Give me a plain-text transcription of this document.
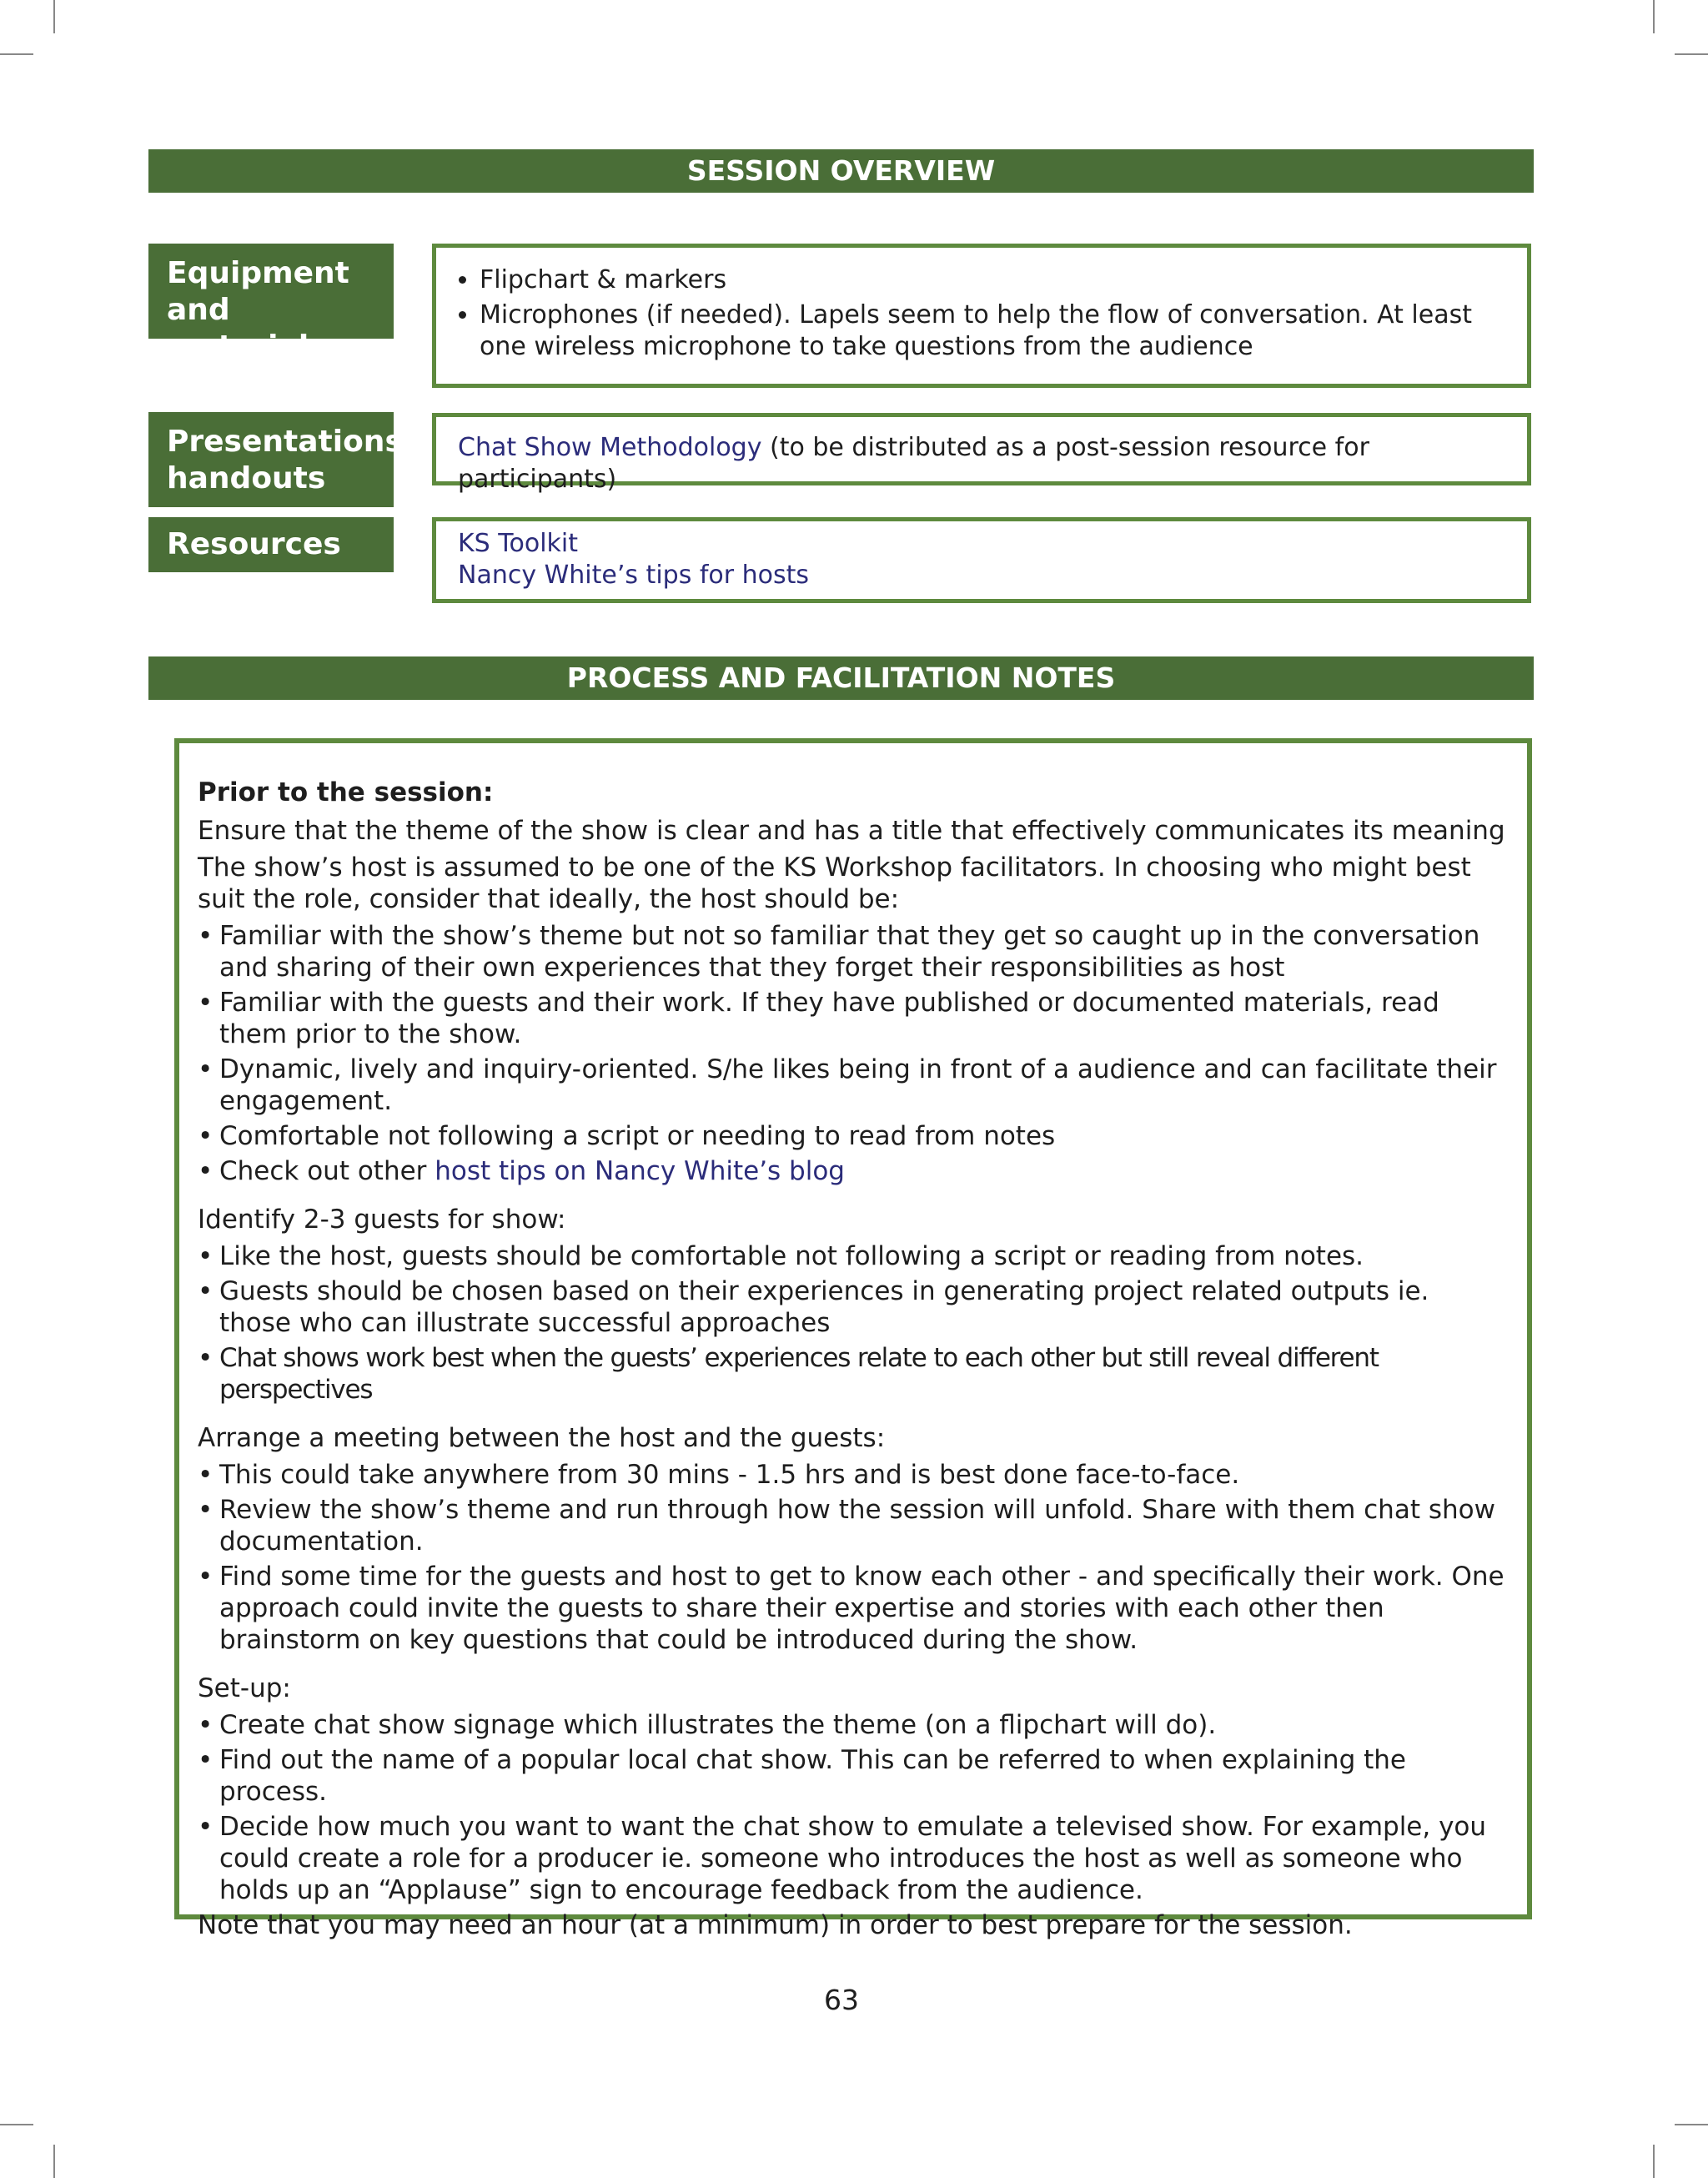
SESSION OVERVIEW
Equipment and materials
• Flipchart & markers
• Microphones (if needed). Lapels seem to help the flow of conversation. At least one wireless microphone to take questions from the audience
Presentations/ handouts
Chat Show Methodology (to be distributed as a post-session resource for participants)
Resources	KS Toolkit
Nancy White’s tips for hosts
PROCESS AND FACILITATION NOTES

Prior to the session:

Ensure that the theme of the show is clear and has a title that effectively communicates its meaning

The show’s host is assumed to be one of the KS Workshop facilitators. In choosing who might best suit the role, consider that ideally, the host should be:

• Familiar with the show’s theme but not so familiar that they get so caught up in the conversation and sharing of their own experiences that they forget their responsibilities as host
• Familiar with the guests and their work. If they have published or documented materials, read them prior to the show.
• Dynamic, lively and inquiry-oriented. S/he likes being in front of a audience and can facilitate their engagement.
• Comfortable not following a script or needing to read from notes
• Check out other host tips on Nancy White’s blog

Identify 2-3 guests for show:

• Like the host, guests should be comfortable not following a script or reading from notes.
• Guests should be chosen based on their experiences in generating project related outputs ie. those who can illustrate successful approaches
• Chat shows work best when the guests’ experiences relate to each other but still reveal different perspectives

Arrange a meeting between the host and the guests:

• This could take anywhere from 30 mins - 1.5 hrs and is best done face-to-face.
• Review the show’s theme and run through how the session will unfold. Share with them chat show documentation.
• Find some time for the guests and host to get to know each other - and specifically their work. One approach could invite the guests to share their expertise and stories with each other then brainstorm on key questions that could be introduced during the show.

Set-up:

• Create chat show signage which illustrates the theme (on a flipchart will do).
• Find out the name of a popular local chat show. This can be referred to when explaining the process.
• Decide how much you want to want the chat show to emulate a televised show. For example, you could create a role for a producer ie. someone who introduces the host as well as someone who holds up an “Applause” sign to encourage feedback from the audience.

Note that you may need an hour (at a minimum) in order to best prepare for the session.

63
